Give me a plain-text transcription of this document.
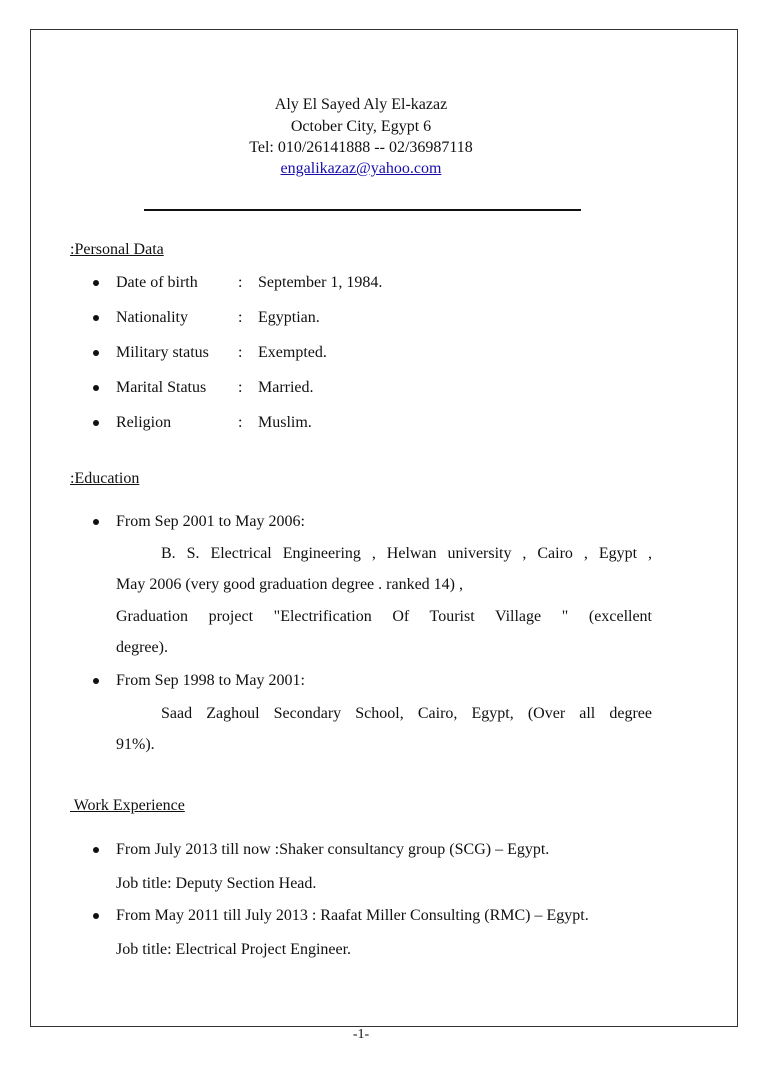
Aly El Sayed Aly El-kazaz
October City, Egypt 6
Tel: 010/26141888 -- 02/36987118
engalikazaz@yahoo.com
:Personal Data
Date of birth	: September 1, 1984.
Nationality	: Egyptian.
Military status : Exempted.
Marital Status : Married.
Religion	: Muslim.
:Education
From Sep 2001 to May 2006:
B. S. Electrical Engineering , Helwan university , Cairo , Egypt ,
May 2006 (very good graduation degree . ranked 14) ,
Graduation project "Electrification Of Tourist Village " (excellent
degree).
From Sep 1998 to May 2001:
Saad Zaghoul Secondary School, Cairo, Egypt, (Over all degree
91%).
Work Experience
From July 2013 till now :Shaker consultancy group (SCG) – Egypt.
Job title: Deputy Section Head.
From May 2011 till July 2013 : Raafat Miller Consulting (RMC) – Egypt.
Job title: Electrical Project Engineer.
-1-
